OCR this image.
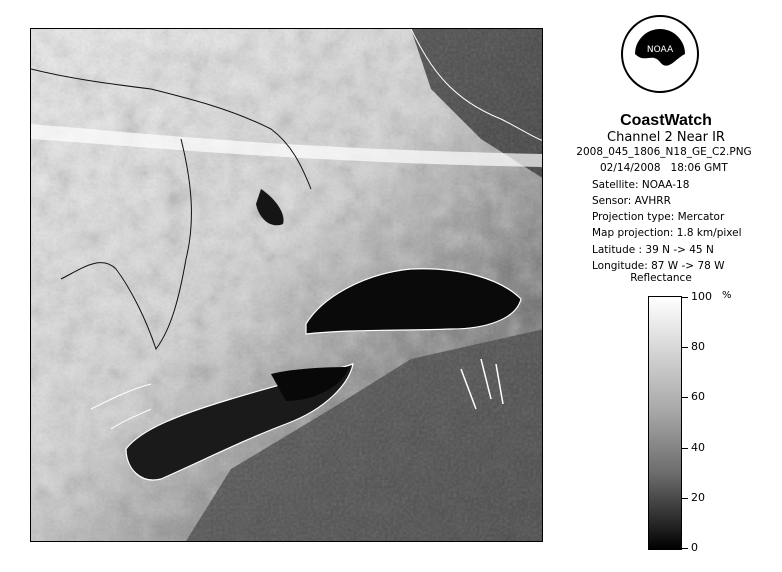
NOAA
CoastWatch
Channel 2 Near IR
2008_045_1806_N18_GE_C2.PNG
02/14/2008 18:06 GMT
Satellite: NOAA-18
Sensor: AVHRR
Projection type: Mercator
Map projection: 1.8 km/pixel
Latitude : 39 N -> 45 N
Longitude: 87 W -> 78 W
Reflectance
%
100
80
60
40
20
0
